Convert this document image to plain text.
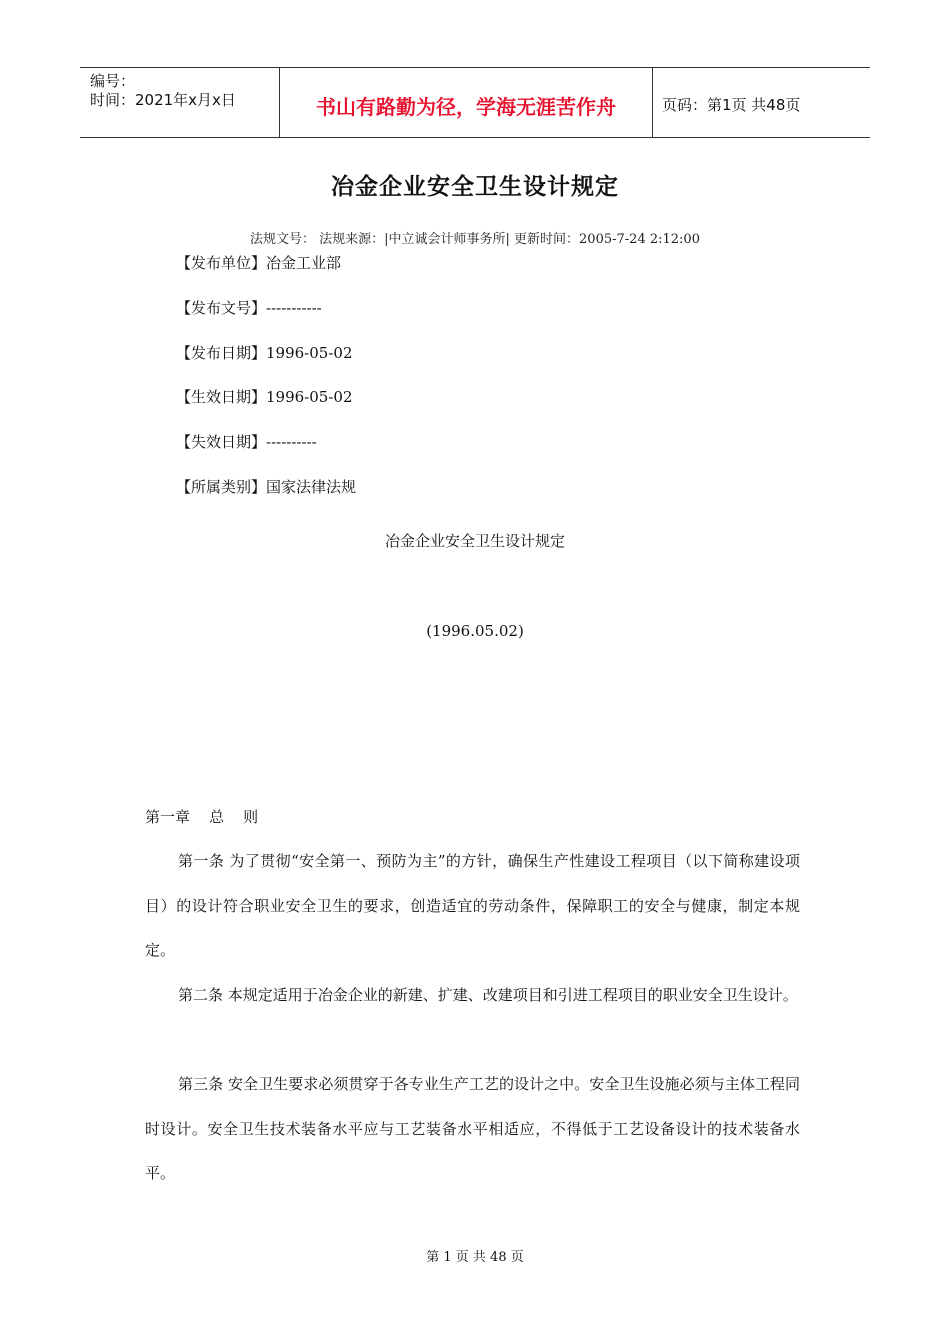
编号：
时间：2021年x月x日	书山有路勤为径，学海无涯苦作舟	页码：第1页 共48页
冶金企业安全卫生设计规定
法规文号： 法规来源：|中立诚会计师事务所| 更新时间：2005-7-24 2:12:00
【发布单位】冶金工业部
【发布文号】-----------
【发布日期】1996-05-02
【生效日期】1996-05-02
【失效日期】----------
【所属类别】国家法律法规
冶金企业安全卫生设计规定
(1996.05.02)
第一章    总    则
第一条 为了贯彻“安全第一、预防为主”的方针，确保生产性建设工程项目（以下简称建设项目）的设计符合职业安全卫生的要求，创造适宜的劳动条件，保障职工的安全与健康，制定本规定。
第二条 本规定适用于冶金企业的新建、扩建、改建项目和引进工程项目的职业安全卫生设计。
第三条 安全卫生要求必须贯穿于各专业生产工艺的设计之中。安全卫生设施必须与主体工程同时设计。安全卫生技术装备水平应与工艺装备水平相适应，不得低于工艺设备设计的技术装备水平。
第 1 页 共 48 页
